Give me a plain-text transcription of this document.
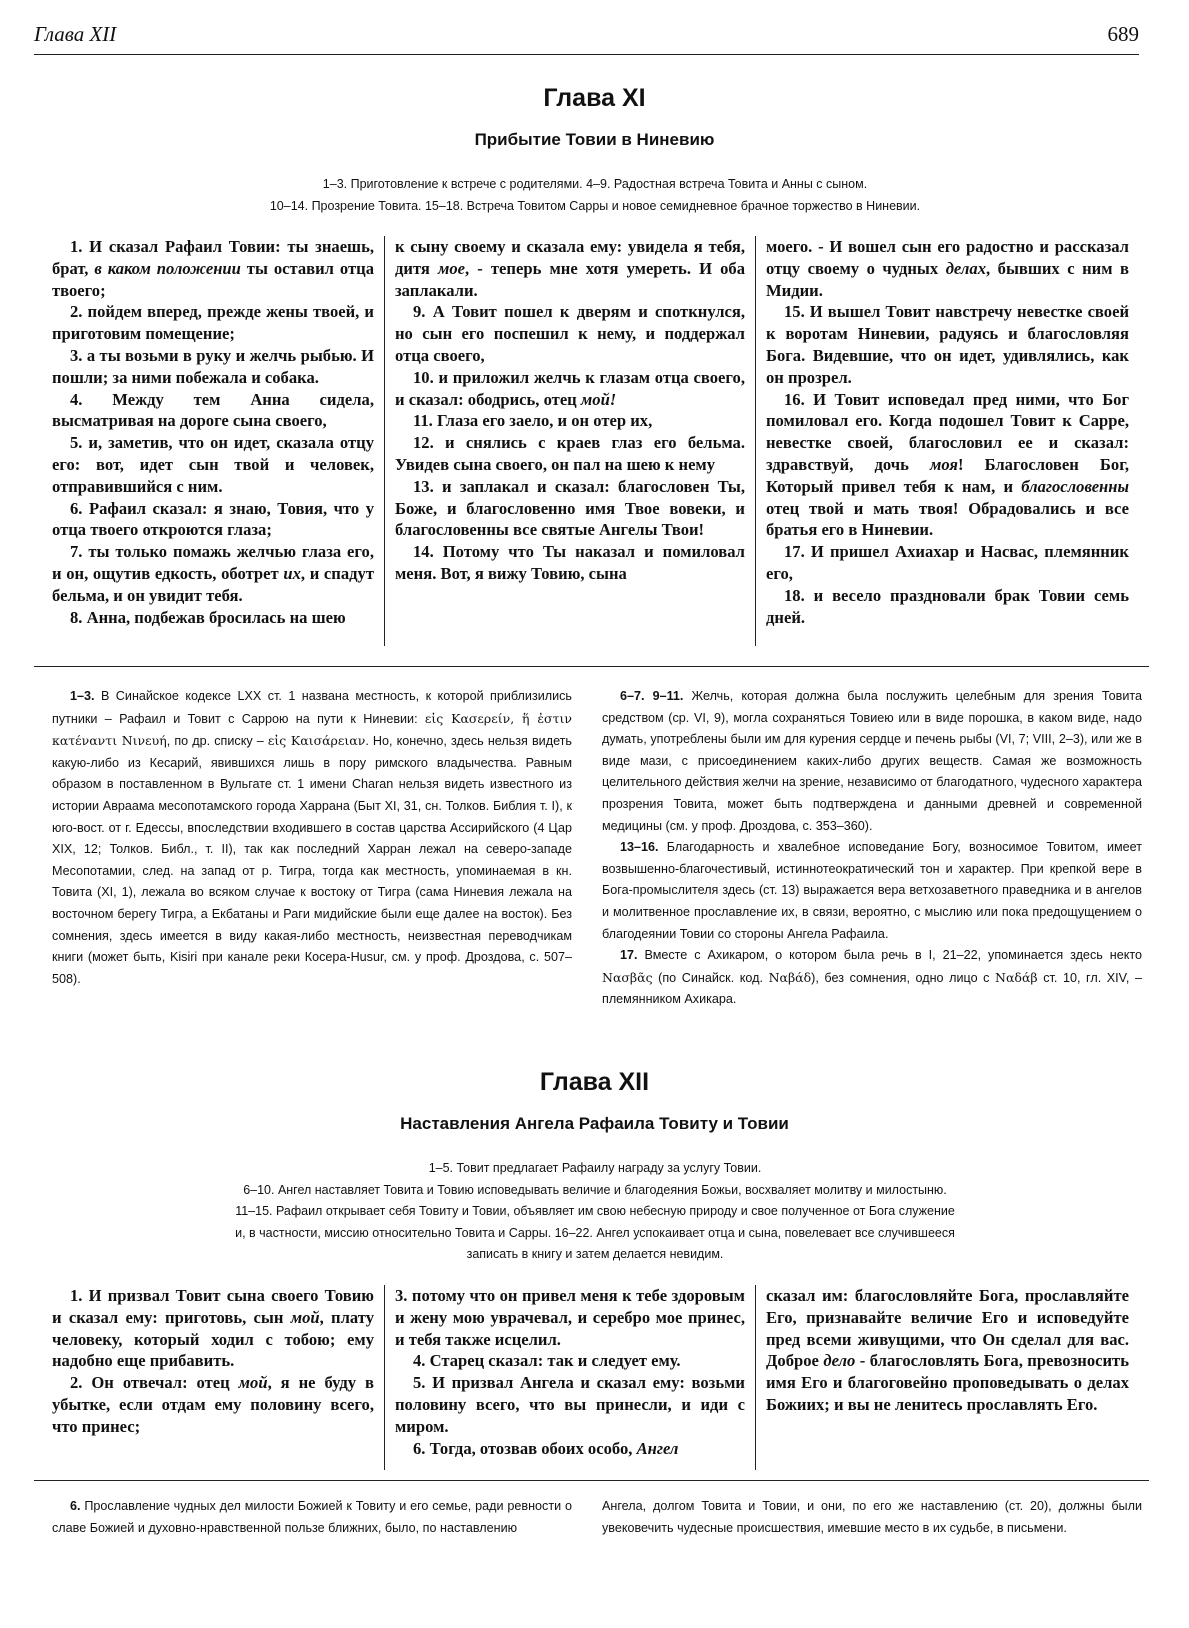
Глава XII	689
Глава XI
Прибытие Товии в Ниневию
1–3. Приготовление к встрече с родителями. 4–9. Радостная встреча Товита и Анны с сыном.
10–14. Прозрение Товита. 15–18. Встреча Товитом Сарры и новое семидневное брачное торжество в Ниневии.

1. И сказал Рафаил Товии: ты знаешь, брат, в каком положении ты оставил отца твоего;

2. пойдем вперед, прежде жены твоей, и приготовим помещение;

3. а ты возьми в руку и желчь рыбью. И пошли; за ними побежала и собака.

4. Между тем Анна сидела, высматривая на дороге сына своего,

5. и, заметив, что он идет, сказала отцу его: вот, идет сын твой и человек, отправившийся с ним.

6. Рафаил сказал: я знаю, Товия, что у отца твоего откроются глаза;

7. ты только помажь желчью глаза его, и он, ощутив едкость, оботрет их, и спадут бельма, и он увидит тебя.

8. Анна, подбежав бросилась на шею

к сыну своему и сказала ему: увидела я тебя, дитя мое, - теперь мне хотя умереть. И оба заплакали.

9. А Товит пошел к дверям и споткнулся, но сын его поспешил к нему, и поддержал отца своего,

10. и приложил желчь к глазам отца своего, и сказал: ободрись, отец мой!

11. Глаза его заело, и он отер их,

12. и снялись с краев глаз его бельма. Увидев сына своего, он пал на шею к нему

13. и заплакал и сказал: благословен Ты, Боже, и благословенно имя Твое вовеки, и благословенны все святые Ангелы Твои!

14. Потому что Ты наказал и помиловал меня. Вот, я вижу Товию, сына

моего. - И вошел сын его радостно и рассказал отцу своему о чудных делах, бывших с ним в Мидии.

15. И вышел Товит навстречу невестке своей к воротам Ниневии, радуясь и благословляя Бога. Видевшие, что он идет, удивлялись, как он прозрел.

16. И Товит исповедал пред ними, что Бог помиловал его. Когда подошел Товит к Сарре, невестке своей, благословил ее и сказал: здравствуй, дочь моя! Благословен Бог, Который привел тебя к нам, и благословенны отец твой и мать твоя! Обрадовались и все братья его в Ниневии.

17. И пришел Ахиахар и Насвас, племянник его,

18. и весело праздновали брак Товии семь дней.

1–3. В Синайское кодексе LXX ст. 1 названа местность, к которой приблизились путники – Рафаил и Товит с Саррою на пути к Ниневии: εἰς Κασερείν, ἥ ἐστιν κατέναντι Νινευή, по др. списку – εἰς Καισάρειαν. Но, конечно, здесь нельзя видеть какую-либо из Кесарий, явившихся лишь в пору римского владычества. Равным образом в поставленном в Вульгате ст. 1 имени Charan нельзя видеть известного из истории Авраама месопотамского города Харрана (Быт XI, 31, сн. Толков. Библия т. I), к юго-вост. от г. Едессы, впоследствии входившего в состав царства Ассирийского (4 Цар XIX, 12; Толков. Библ., т. II), так как последний Харран лежал на северо-западе Месопотамии, след. на запад от р. Тигра, тогда как местность, упоминаемая в кн. Товита (XI, 1), лежала во всяком случае к востоку от Тигра (сама Ниневия лежала на восточном берегу Тигра, а Екбатаны и Раги мидийские были еще далее на восток). Без сомнения, здесь имеется в виду какая-либо местность, неизвестная переводчикам книги (может быть, Kisiri при канале реки Косера-Husur, см. у проф. Дроздова, с. 507–508).

6–7. 9–11. Желчь, которая должна была послужить целебным для зрения Товита средством (ср. VI, 9), могла сохраняться Товиею или в виде порошка, в каком виде, надо думать, употреблены были им для курения сердце и печень рыбы (VI, 7; VIII, 2–3), или же в виде мази, с присоединением каких-либо других веществ. Самая же возможность целительного действия желчи на зрение, независимо от благодатного, чудесного характера прозрения Товита, может быть подтверждена и данными древней и современной медицины (см. у проф. Дроздова, с. 353–360).

13–16. Благодарность и хвалебное исповедание Богу, возносимое Товитом, имеет возвышенно-благочестивый, истиннотеократический тон и характер. При крепкой вере в Бога-промыслителя здесь (ст. 13) выражается вера ветхозаветного праведника и в ангелов и молитвенное прославление их, в связи, вероятно, с мыслию или пока предощущением о благодеянии Товии со стороны Ангела Рафаила.

17. Вместе с Ахикаром, о котором была речь в I, 21–22, упоминается здесь некто Νασβᾶς (по Синайск. код. Ναβάδ), без сомнения, одно лицо с Ναδάβ ст. 10, гл. XIV, – племянником Ахикара.

Глава XII
Наставления Ангела Рафаила Товиту и Товии
1–5. Товит предлагает Рафаилу награду за услугу Товии.
6–10. Ангел наставляет Товита и Товию исповедывать величие и благодеяния Божьи, восхваляет молитву и милостыню.
11–15. Рафаил открывает себя Товиту и Товии, объявляет им свою небесную природу и свое полученное от Бога служение
и, в частности, миссию относительно Товита и Сарры. 16–22. Ангел успокаивает отца и сына, повелевает все случившееся
записать в книгу и затем делается невидим.

1. И призвал Товит сына своего Товию и сказал ему: приготовь, сын мой, плату человеку, который ходил с тобою; ему надобно еще прибавить.

2. Он отвечал: отец мой, я не буду в убытке, если отдам ему половину всего, что принес;

3. потому что он привел меня к тебе здоровым и жену мою уврачевал, и серебро мое принес, и тебя также исцелил.

4. Старец сказал: так и следует ему.

5. И призвал Ангела и сказал ему: возьми половину всего, что вы принесли, и иди с миром.

6. Тогда, отозвав обоих особо, Ангел

сказал им: благословляйте Бога, прославляйте Его, признавайте величие Его и исповедуйте пред всеми живущими, что Он сделал для вас. Доброе дело - благословлять Бога, превозносить имя Его и благоговейно проповедывать о делах Божиих; и вы не ленитесь прославлять Его.

6. Прославление чудных дел милости Божией к Товиту и его семье, ради ревности о славе Божией и духовно-нравственной пользе ближних, было, по наставлению

Ангела, долгом Товита и Товии, и они, по его же наставлению (ст. 20), должны были увековечить чудесные происшествия, имевшие место в их судьбе, в письмени.
